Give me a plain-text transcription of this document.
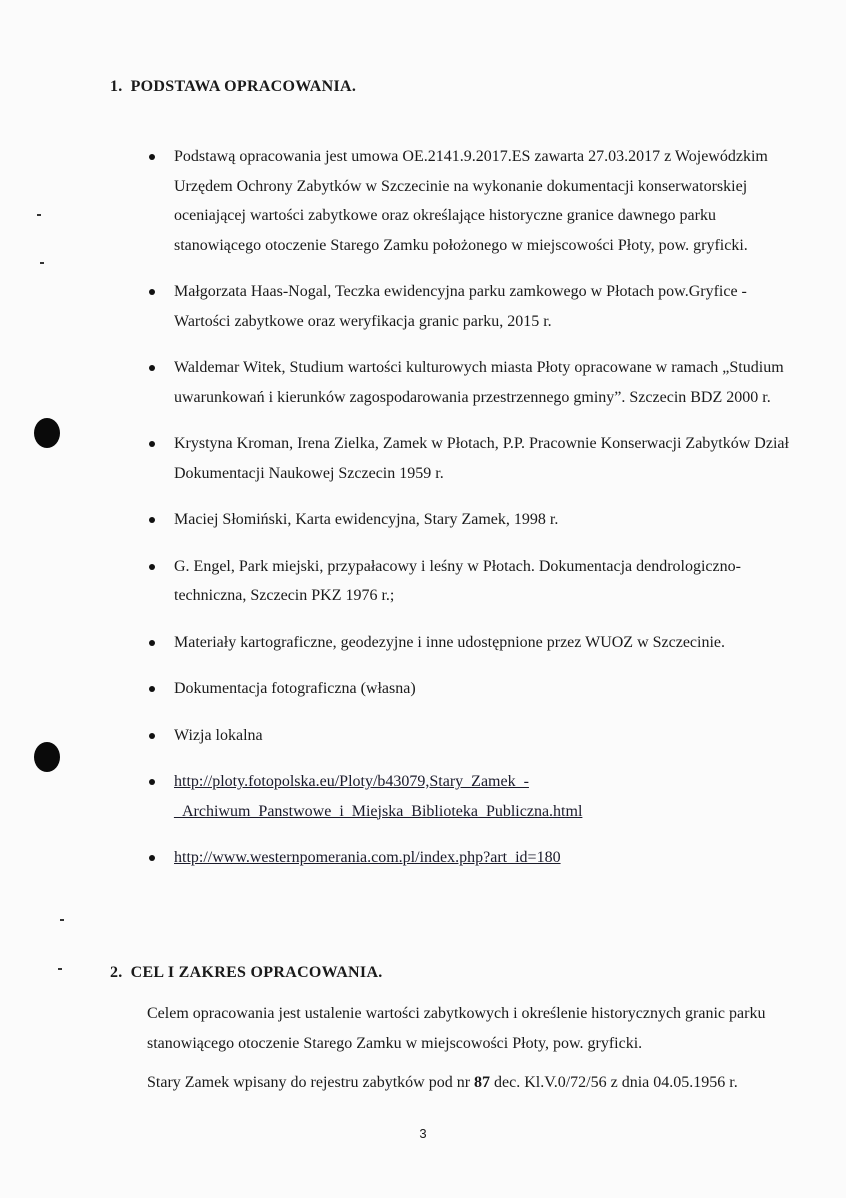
1. PODSTAWA OPRACOWANIA.
Podstawą opracowania jest umowa OE.2141.9.2017.ES zawarta 27.03.2017 z Wojewódzkim Urzędem Ochrony Zabytków w Szczecinie na wykonanie dokumentacji konserwatorskiej oceniającej wartości zabytkowe oraz określające historyczne granice dawnego parku stanowiącego otoczenie Starego Zamku położonego w miejscowości Płoty, pow. gryficki.
Małgorzata Haas-Nogal, Teczka ewidencyjna parku zamkowego w Płotach pow.Gryfice - Wartości zabytkowe oraz weryfikacja granic parku, 2015 r.
Waldemar Witek, Studium wartości kulturowych miasta Płoty opracowane w ramach „Studium uwarunkowań i kierunków zagospodarowania przestrzennego gminy”. Szczecin BDZ 2000 r.
Krystyna Kroman, Irena Zielka, Zamek w Płotach, P.P. Pracownie Konserwacji Zabytków Dział Dokumentacji Naukowej Szczecin 1959 r.
Maciej Słomiński, Karta ewidencyjna, Stary Zamek, 1998 r.
G. Engel, Park miejski, przypałacowy i leśny w Płotach. Dokumentacja dendrologiczno-techniczna, Szczecin PKZ 1976 r.;
Materiały kartograficzne, geodezyjne i inne udostępnione przez WUOZ w Szczecinie.
Dokumentacja fotograficzna (własna)
Wizja lokalna
http://ploty.fotopolska.eu/Ploty/b43079,Stary_Zamek_-
_Archiwum_Panstwowe_i_Miejska_Biblioteka_Publiczna.html
http://www.westernpomerania.com.pl/index.php?art_id=180
2. CEL I ZAKRES OPRACOWANIA.

Celem opracowania jest ustalenie wartości zabytkowych i określenie historycznych granic parku stanowiącego otoczenie Starego Zamku w miejscowości Płoty, pow. gryficki.

Stary Zamek wpisany do rejestru zabytków pod nr 87 dec. Kl.V.0/72/56 z dnia 04.05.1956 r.

3
